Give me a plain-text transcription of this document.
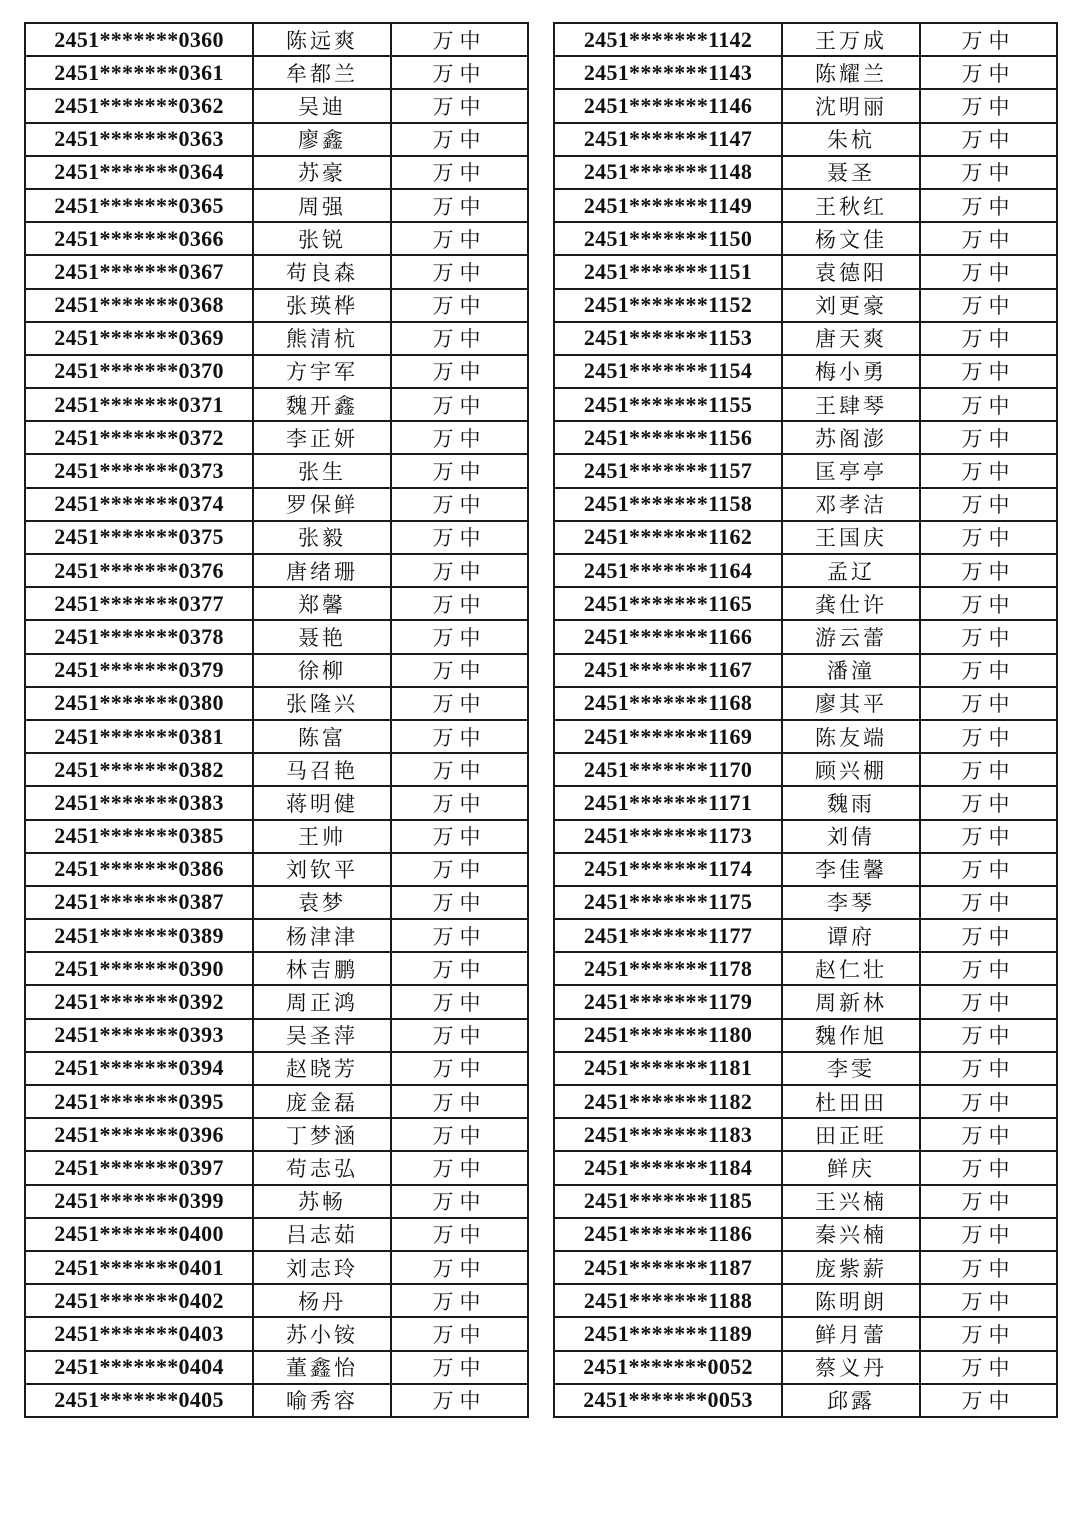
2451*******0360	陈远爽	万中
2451*******0361	牟都兰	万中
2451*******0362	吴迪	万中
2451*******0363	廖鑫	万中
2451*******0364	苏豪	万中
2451*******0365	周强	万中
2451*******0366	张锐	万中
2451*******0367	苟良森	万中
2451*******0368	张瑛桦	万中
2451*******0369	熊清杭	万中
2451*******0370	方宇军	万中
2451*******0371	魏开鑫	万中
2451*******0372	李正妍	万中
2451*******0373	张生	万中
2451*******0374	罗保鲜	万中
2451*******0375	张毅	万中
2451*******0376	唐绪珊	万中
2451*******0377	郑馨	万中
2451*******0378	聂艳	万中
2451*******0379	徐柳	万中
2451*******0380	张隆兴	万中
2451*******0381	陈富	万中
2451*******0382	马召艳	万中
2451*******0383	蒋明健	万中
2451*******0385	王帅	万中
2451*******0386	刘钦平	万中
2451*******0387	袁梦	万中
2451*******0389	杨津津	万中
2451*******0390	林吉鹏	万中
2451*******0392	周正鸿	万中
2451*******0393	吴圣萍	万中
2451*******0394	赵晓芳	万中
2451*******0395	庞金磊	万中
2451*******0396	丁梦涵	万中
2451*******0397	苟志弘	万中
2451*******0399	苏畅	万中
2451*******0400	吕志茹	万中
2451*******0401	刘志玲	万中
2451*******0402	杨丹	万中
2451*******0403	苏小铵	万中
2451*******0404	董鑫怡	万中
2451*******0405	喻秀容	万中
2451*******1142	王万成	万中
2451*******1143	陈耀兰	万中
2451*******1146	沈明丽	万中
2451*******1147	朱杭	万中
2451*******1148	聂圣	万中
2451*******1149	王秋红	万中
2451*******1150	杨文佳	万中
2451*******1151	袁德阳	万中
2451*******1152	刘更豪	万中
2451*******1153	唐天爽	万中
2451*******1154	梅小勇	万中
2451*******1155	王肆琴	万中
2451*******1156	苏阁澎	万中
2451*******1157	匡亭亭	万中
2451*******1158	邓孝洁	万中
2451*******1162	王国庆	万中
2451*******1164	孟辽	万中
2451*******1165	龚仕许	万中
2451*******1166	游云蕾	万中
2451*******1167	潘潼	万中
2451*******1168	廖其平	万中
2451*******1169	陈友端	万中
2451*******1170	顾兴棚	万中
2451*******1171	魏雨	万中
2451*******1173	刘倩	万中
2451*******1174	李佳馨	万中
2451*******1175	李琴	万中
2451*******1177	谭府	万中
2451*******1178	赵仁壮	万中
2451*******1179	周新林	万中
2451*******1180	魏作旭	万中
2451*******1181	李雯	万中
2451*******1182	杜田田	万中
2451*******1183	田正旺	万中
2451*******1184	鲜庆	万中
2451*******1185	王兴楠	万中
2451*******1186	秦兴楠	万中
2451*******1187	庞紫薪	万中
2451*******1188	陈明朗	万中
2451*******1189	鲜月蕾	万中
2451*******0052	蔡义丹	万中
2451*******0053	邱露	万中
